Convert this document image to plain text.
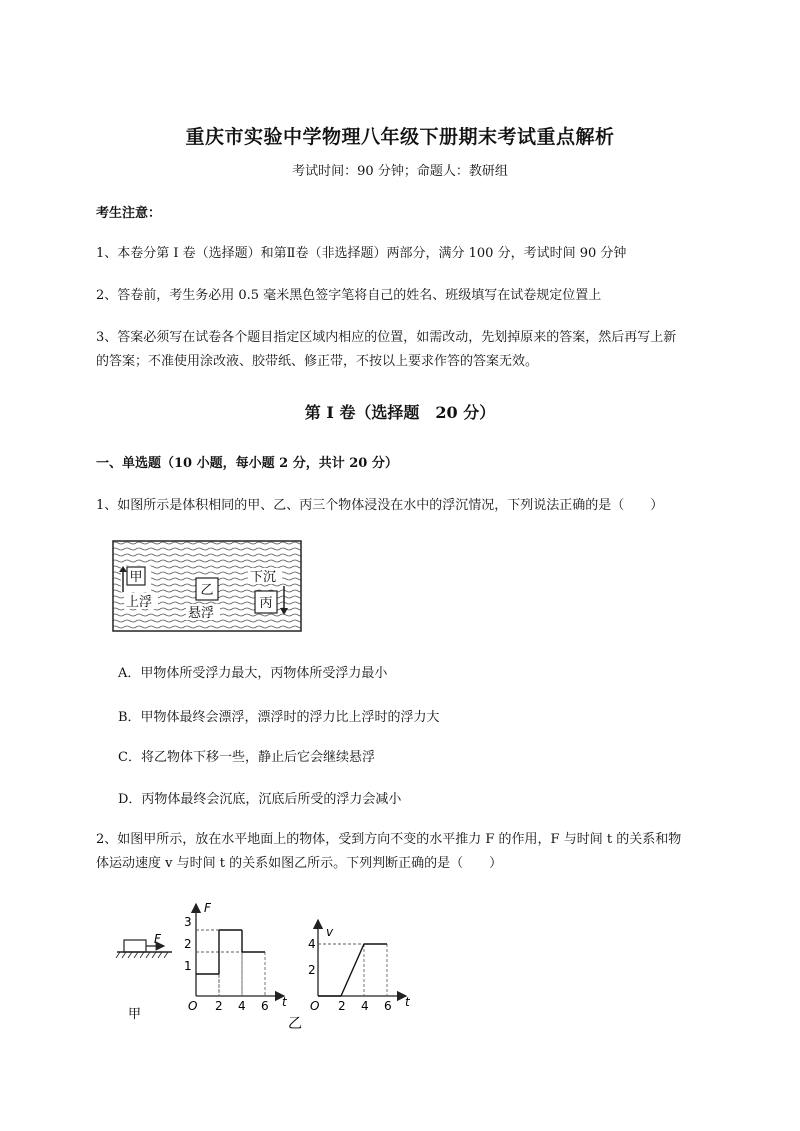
重庆市实验中学物理八年级下册期末考试重点解析
考试时间：90 分钟；命题人：教研组
考生注意：
1、本卷分第 I 卷（选择题）和第Ⅱ卷（非选择题）两部分，满分 100 分，考试时间 90 分钟
2、答卷前，考生务必用 0.5 毫米黑色签字笔将自己的姓名、班级填写在试卷规定位置上
3、答案必须写在试卷各个题目指定区域内相应的位置，如需改动，先划掉原来的答案，然后再写上新
的答案；不准使用涂改液、胶带纸、修正带，不按以上要求作答的答案无效。
第 I 卷（选择题　20 分）
一、单选题（10 小题，每小题 2 分，共计 20 分）
1、如图所示是体积相同的甲、乙、丙三个物体浸没在水中的浮沉情况，下列说法正确的是（　　）
甲
上浮
乙
悬浮
下沉
丙
A．甲物体所受浮力最大，丙物体所受浮力最小
B．甲物体最终会漂浮，漂浮时的浮力比上浮时的浮力大
C．将乙物体下移一些，静止后它会继续悬浮
D．丙物体最终会沉底，沉底后所受的浮力会减小
2、如图甲所示，放在水平地面上的物体，受到方向不变的水平推力 F 的作用，F 与时间 t 的关系和物
体运动速度 v 与时间 t 的关系如图乙所示。下列判断正确的是（　　）
F
甲
F
3
2
1
O 2 4 6 t
v
4
2
O 2 4 6 t
乙
